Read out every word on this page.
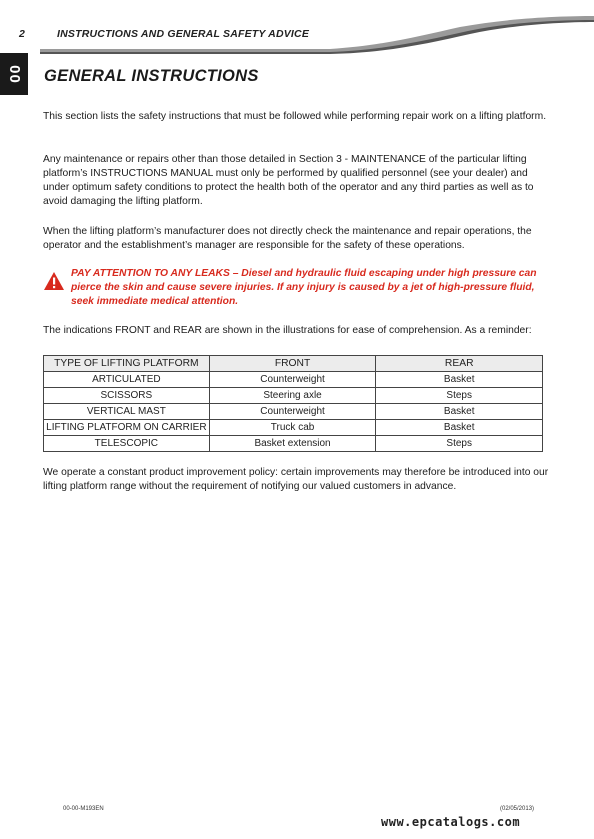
2	INSTRUCTIONS AND GENERAL SAFETY ADVICE
00 GENERAL INSTRUCTIONS
This section lists the safety instructions that must be followed while performing repair work on a lifting platform.
Any maintenance or repairs other than those detailed in Section 3 - MAINTENANCE of the particular lifting platform’s INSTRUCTIONS MANUAL must only be performed by qualified personnel (see your dealer) and under optimum safety conditions to protect the health both of the operator and any third parties as well as to avoid damaging the lifting platform.
When the lifting platform’s manufacturer does not directly check the maintenance and repair operations, the operator and the establishment’s manager are responsible for the safety of these operations.
PAY ATTENTION TO ANY LEAKS – Diesel and hydraulic fluid escaping under high pressure can pierce the skin and cause severe injuries. If any injury is caused by a jet of high-pressure fluid, seek immediate medical attention.
The indications FRONT and REAR are shown in the illustrations for ease of comprehension. As a reminder:
TYPE OF LIFTING PLATFORM	FRONT	REAR
ARTICULATED	Counterweight	Basket
SCISSORS	Steering axle	Steps
VERTICAL MAST	Counterweight	Basket
LIFTING PLATFORM ON CARRIER	Truck cab	Basket
TELESCOPIC	Basket extension	Steps
We operate a constant product improvement policy: certain improvements may therefore be introduced into our lifting platform range without the requirement of notifying our valued customers in advance.
00-00-M193EN	(02/05/2013)
www.epcatalogs.com
